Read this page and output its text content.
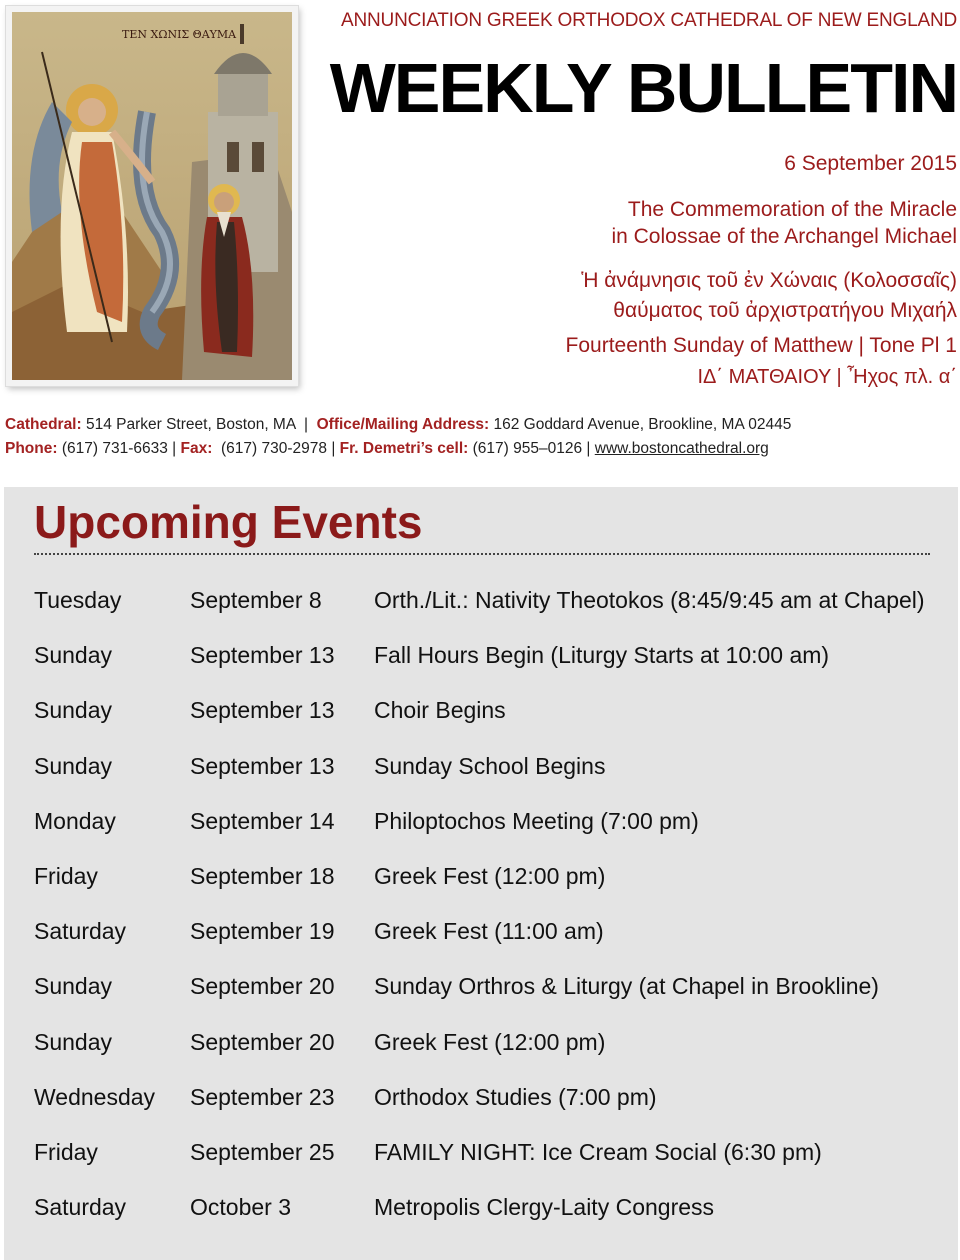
ΤΕΝ ΧΩΝΙΣ ΘΑΥΜΑ
ANNUNCIATION GREEK ORTHODOX CATHEDRAL OF NEW ENGLAND
WEEKLY BULLETIN
6 September 2015
The Commemoration of the Miracle
in Colossae of the Archangel Michael
Ἡ ἀνάμνησις τοῦ ἐν Χώναις (Κολοσσαῖς)
θαύματος τοῦ ἀρχιστρατήγου Μιχαήλ
Fourteenth Sunday of Matthew | Tone Pl 1
ΙΔ΄ ΜΑΤΘΑΙΟΥ | Ἦχος πλ. α΄
Cathedral: 514 Parker Street, Boston, MA | Office/Mailing Address: 162 Goddard Avenue, Brookline, MA 02445
Phone: (617) 731-6633 | Fax: (617) 730-2978 | Fr. Demetri’s cell: (617) 955–0126 | www.bostoncathedral.org
Upcoming Events
Tuesday	September 8 Orth./Lit.: Nativity Theotokos (8:45/9:45 am at Chapel)
Sunday	September 13 Fall Hours Begin (Liturgy Starts at 10:00 am)
Sunday	September 13 Choir Begins
Sunday	September 13 Sunday School Begins
Monday	September 14 Philoptochos Meeting (7:00 pm)
Friday	September 18 Greek Fest (12:00 pm)
Saturday	September 19 Greek Fest (11:00 am)
Sunday	September 20 Sunday Orthros & Liturgy (at Chapel in Brookline)
Sunday	September 20 Greek Fest (12:00 pm)
Wednesday September 23 Orthodox Studies (7:00 pm)
Friday	September 25 FAMILY NIGHT: Ice Cream Social (6:30 pm)
Saturday	October 3	Metropolis Clergy-Laity Congress
